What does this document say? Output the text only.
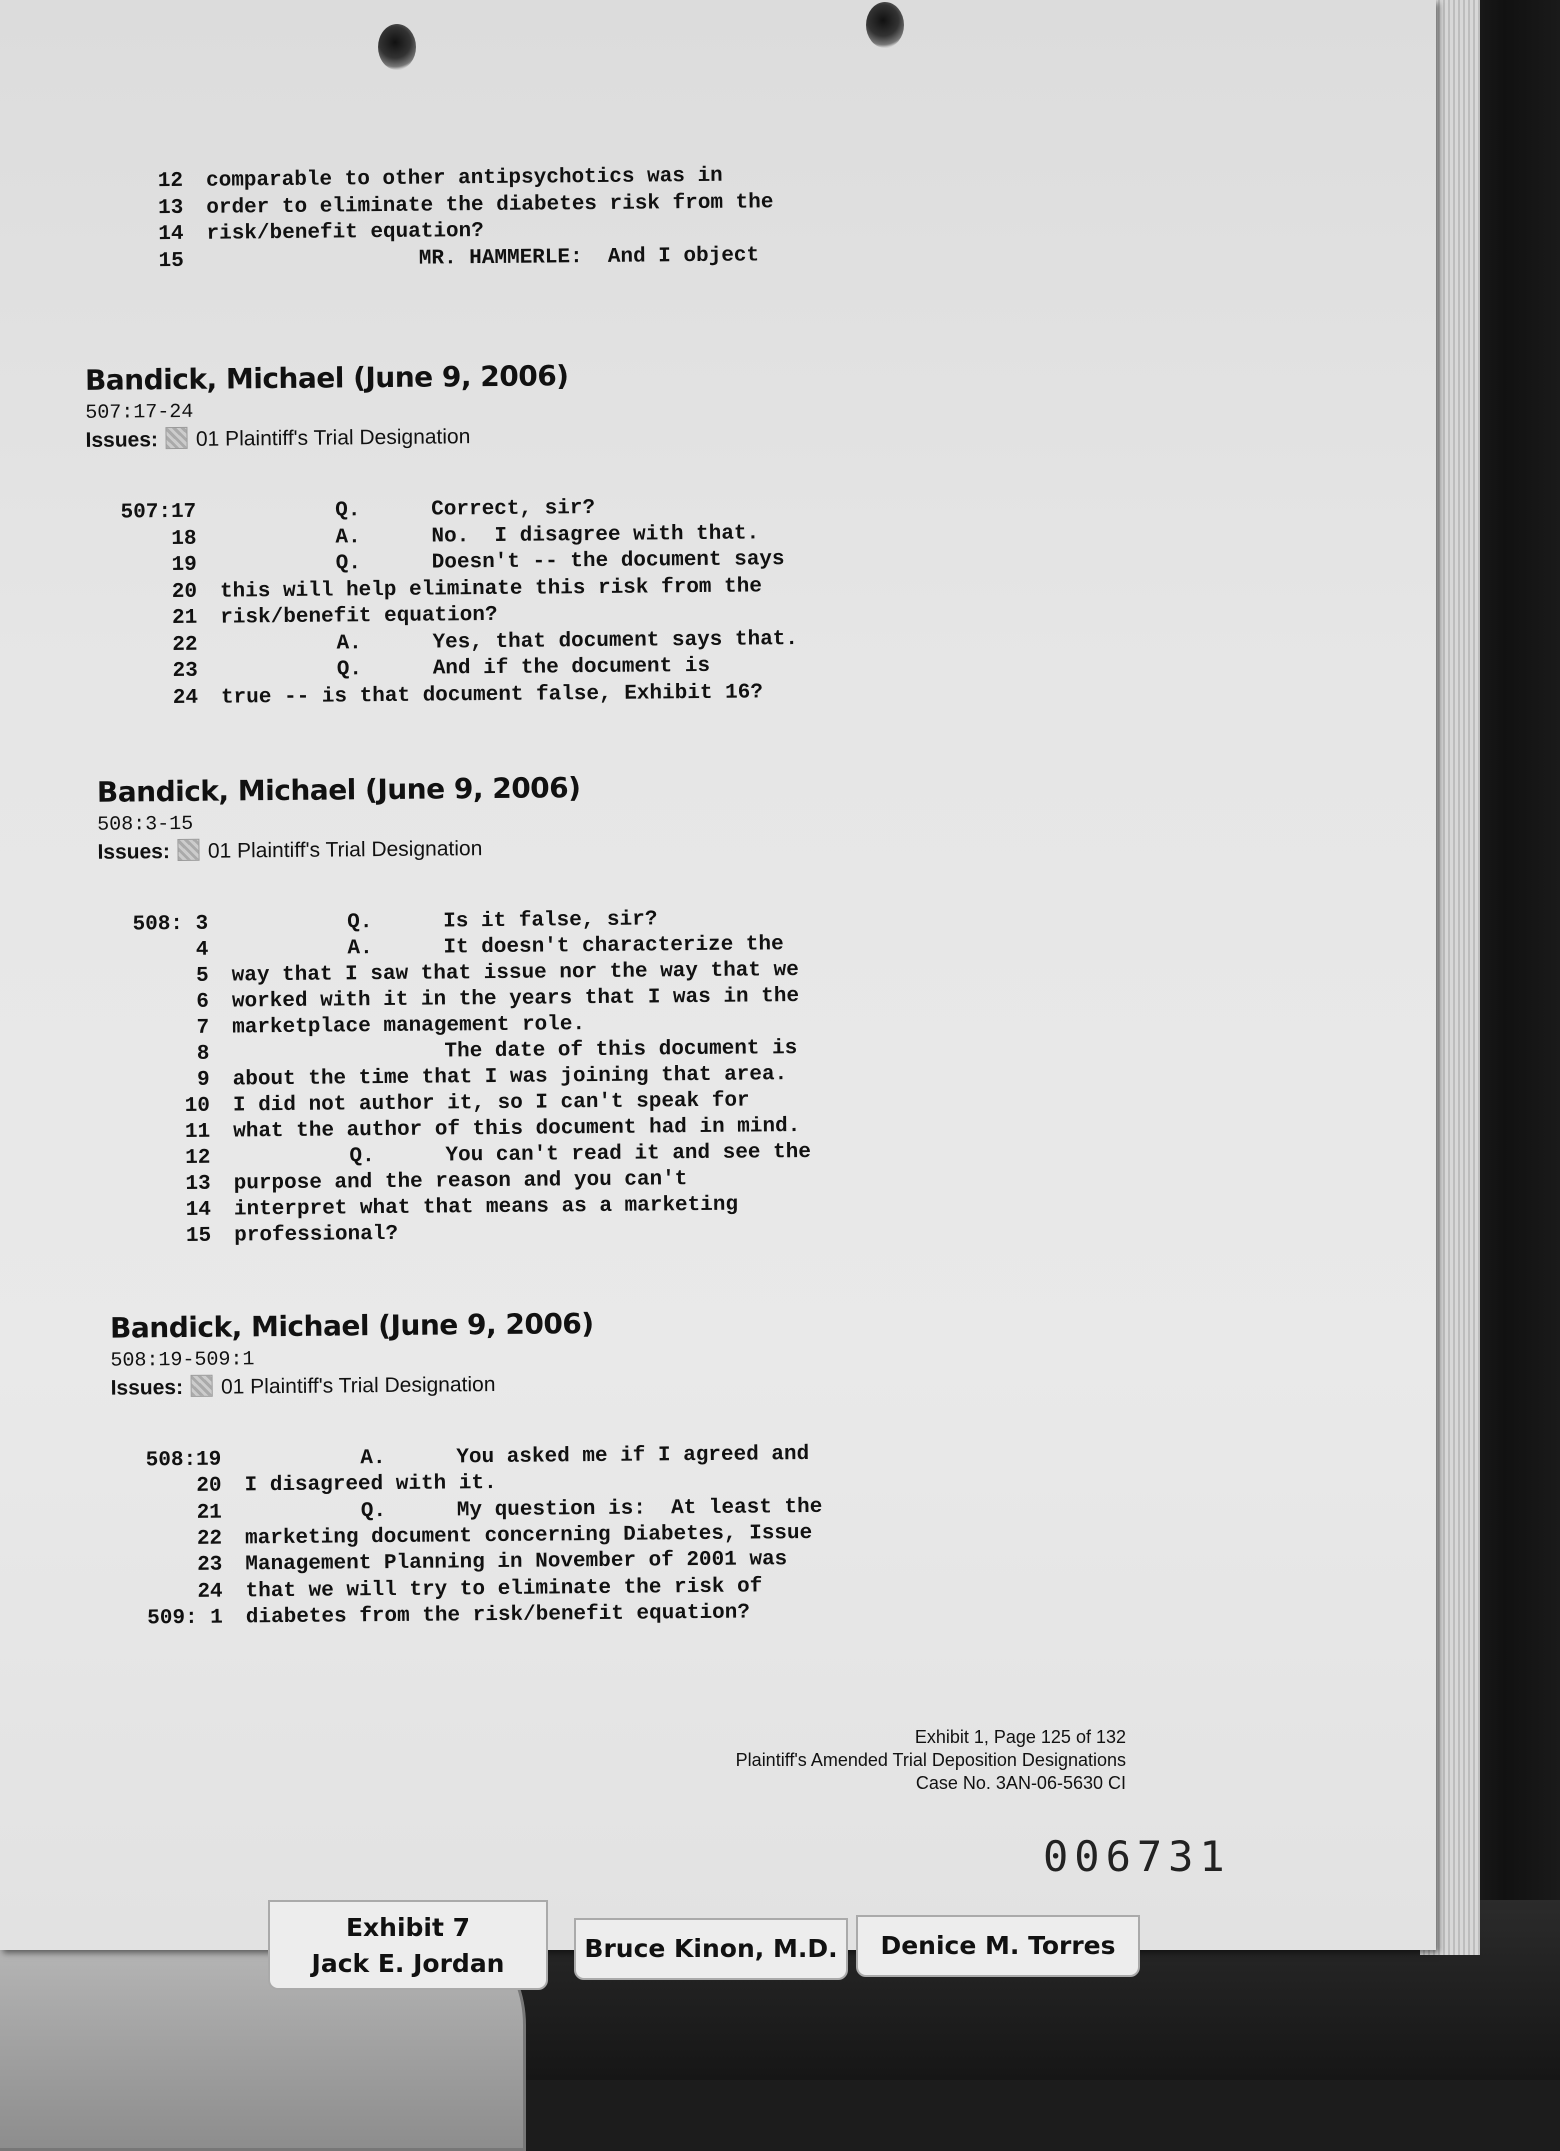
12 comparable to other antipsychotics was in
13 order to eliminate the diabetes risk from the
14 risk/benefit equation?
15	MR. HAMMERLE:  And I object
Bandick, Michael (June 9, 2006)
507:17-24
Issues: 01 Plaintiff's Trial Designation
507:17	Q.	Correct, sir?
18	A.	No.  I disagree with that.
19	Q.	Doesn't -- the document says
20 this will help eliminate this risk from the
21 risk/benefit equation?
22	A.	Yes, that document says that.
23	Q.	And if the document is
24 true -- is that document false, Exhibit 16?
Bandick, Michael (June 9, 2006)
508:3-15
Issues: 01 Plaintiff's Trial Designation
508: 3	Q.	Is it false, sir?
4	A.	It doesn't characterize the
5 way that I saw that issue nor the way that we
6 worked with it in the years that I was in the
7 marketplace management role.
8	The date of this document is
9 about the time that I was joining that area.
10 I did not author it, so I can't speak for
11 what the author of this document had in mind.
12	Q.	You can't read it and see the
13 purpose and the reason and you can't
14 interpret what that means as a marketing
15 professional?
Bandick, Michael (June 9, 2006)
508:19-509:1
Issues: 01 Plaintiff's Trial Designation
508:19	A.	You asked me if I agreed and
20 I disagreed with it.
21	Q.	My question is:  At least the
22 marketing document concerning Diabetes, Issue
23 Management Planning in November of 2001 was
24 that we will try to eliminate the risk of
509: 1 diabetes from the risk/benefit equation?
Exhibit 1, Page 125 of 132
Plaintiff's Amended Trial Deposition Designations
Case No. 3AN-06-5630 CI
006731
Exhibit 7
Jack E. Jordan
Bruce Kinon, M.D.	Denice M. Torres
